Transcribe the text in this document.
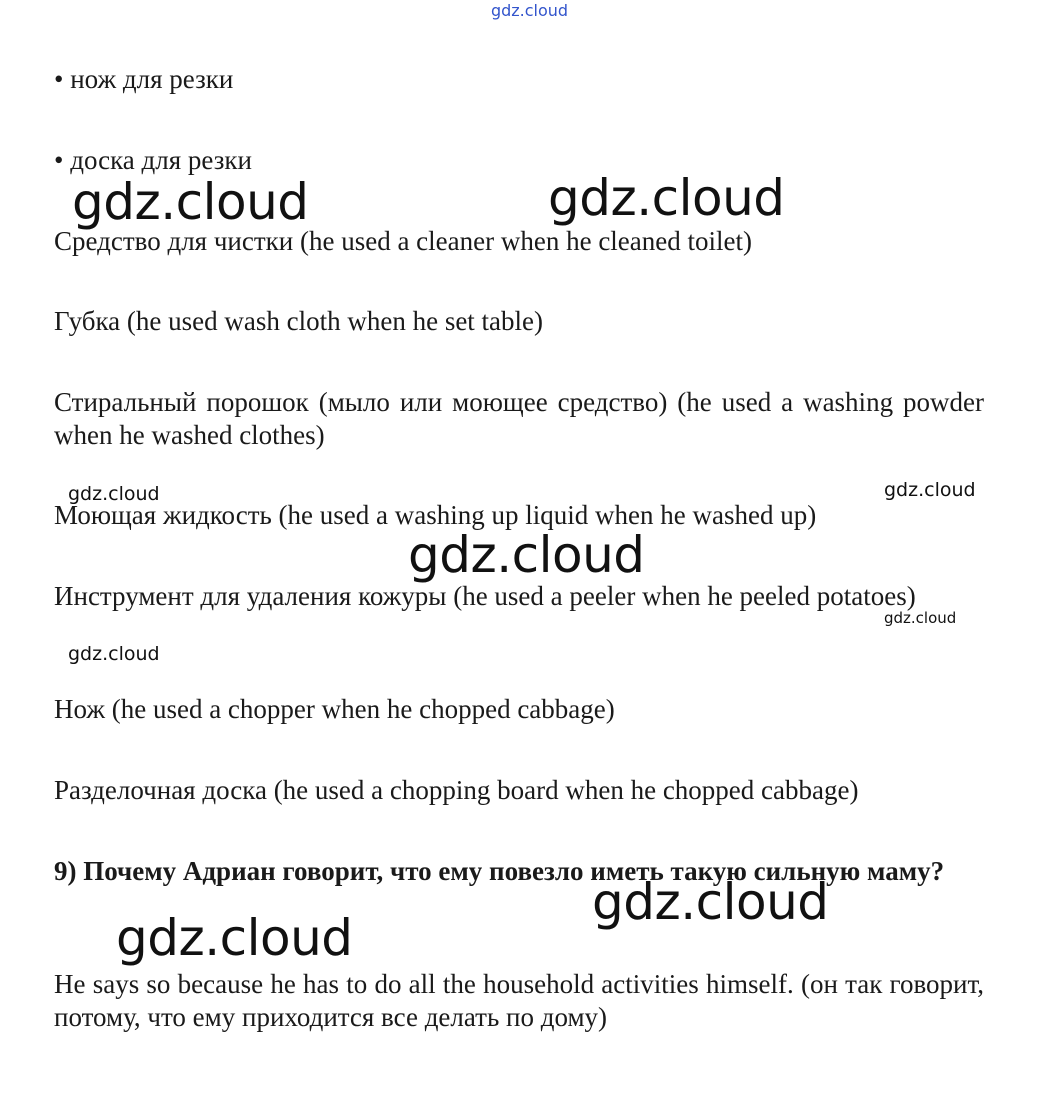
gdz.cloud
• нож для резки
• доска для резки
Средство для чистки (he used a cleaner when he cleaned toilet)
Губка (he used wash cloth when he set table)
Стиральный порошок (мыло или моющее средство) (he used a washing powder when he washed clothes)
Моющая жидкость (he used a washing up liquid when he washed up)
Инструмент для удаления кожуры (he used a peeler when he peeled potatoes)
Нож (he used a chopper when he chopped cabbage)
Разделочная доска (he used a chopping board when he chopped cabbage)
9) Почему Адриан говорит, что ему повезло иметь такую сильную маму?
He says so because he has to do all the household activities himself. (он так говорит, потому, что ему приходится все делать по дому)
gdz.cloud	gdz.cloud
gdz.cloud
gdz.cloud
gdz.cloud
gdz.cloud	gdz.cloud
gdz.cloud
gdz.cloud
